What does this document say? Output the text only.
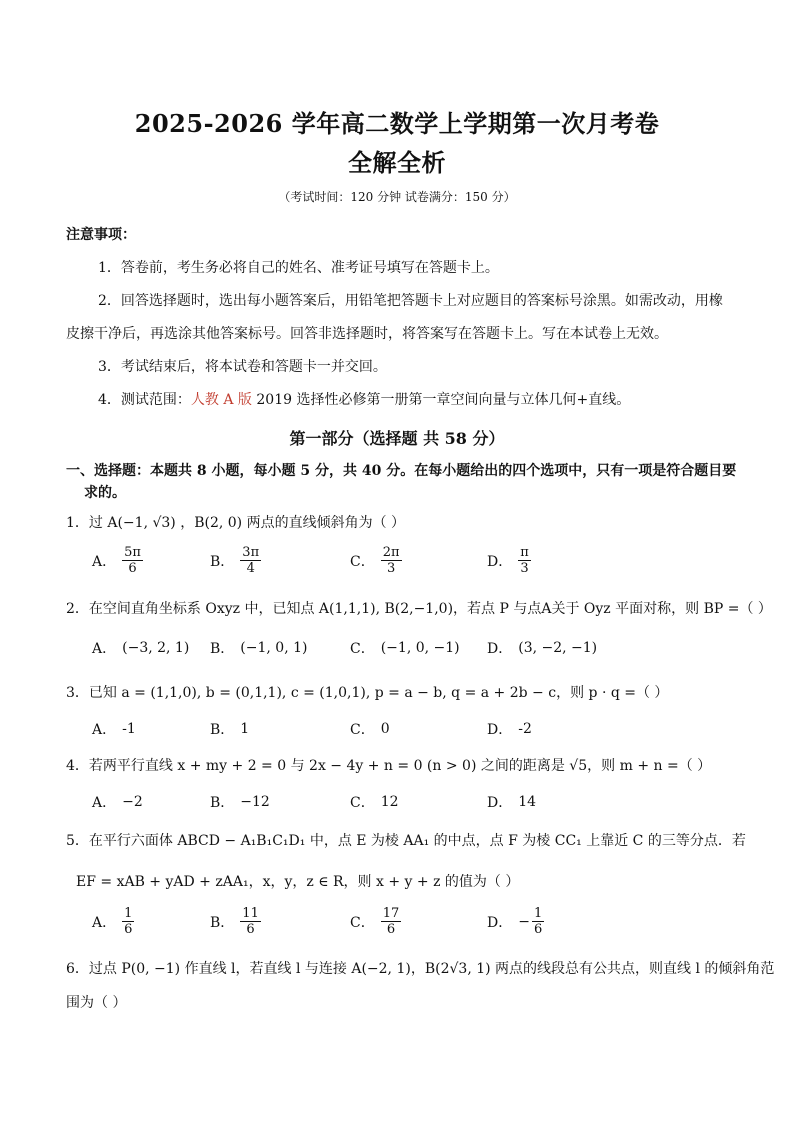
2025-2026 学年高二数学上学期第一次月考卷
全解全析
（考试时间：120 分钟 试卷满分：150 分）
注意事项：
1．答卷前，考生务必将自己的姓名、准考证号填写在答题卡上。
2．回答选择题时，选出每小题答案后，用铅笔把答题卡上对应题目的答案标号涂黑。如需改动，用橡
皮擦干净后，再选涂其他答案标号。回答非选择题时，将答案写在答题卡上。写在本试卷上无效。
3．考试结束后，将本试卷和答题卡一并交回。
4．测试范围：人教 A 版 2019 选择性必修第一册第一章空间向量与立体几何+直线。
第一部分（选择题 共 58 分）
一、选择题：本题共 8 小题，每小题 5 分，共 40 分。在每小题给出的四个选项中，只有一项是符合题目要
求的。
1．过 A(−1, √3) ，B(2, 0) 两点的直线倾斜角为（ ）
A． $\frac{5\pi}{6}$	B． $\frac{3\pi}{4}$	C． $\frac{2\pi}{3}$	D． $\frac{\pi}{3}$
2．在空间直角坐标系 Oxyz 中，已知点 A(1,1,1), B(2,−1,0)，若点 P 与点A关于 Oyz 平面对称，则 BP =（ ）
A． (−3, 2, 1) B． (−1, 0, 1)	C． (−1, 0, −1) D． (3, −2, −1)
3．已知 a = (1,1,0), b = (0,1,1), c = (1,0,1), p = a − b, q = a + 2b − c，则 p · q =（ ）
A． -1	B． 1	C． 0	D． -2
4．若两平行直线 x + my + 2 = 0 与 2x − 4y + n = 0 (n > 0) 之间的距离是 √5，则 m + n =（ ）
A． −2	B． −12	C． 12	D． 14
5．在平行六面体 ABCD − A₁B₁C₁D₁ 中，点 E 为棱 AA₁ 的中点，点 F 为棱 CC₁ 上靠近 C 的三等分点．若
EF = xAB + yAD + zAA₁，x，y，z ∈ R，则 x + y + z 的值为（ ）
A． $\frac{1}{6}$	B． $\frac{11}{6}$	C． $\frac{17}{6}$	D． − $\frac{1}{6}$
6．过点 P(0, −1) 作直线 l，若直线 l 与连接 A(−2, 1)，B(2√3, 1) 两点的线段总有公共点，则直线 l 的倾斜角范
围为（ ）
